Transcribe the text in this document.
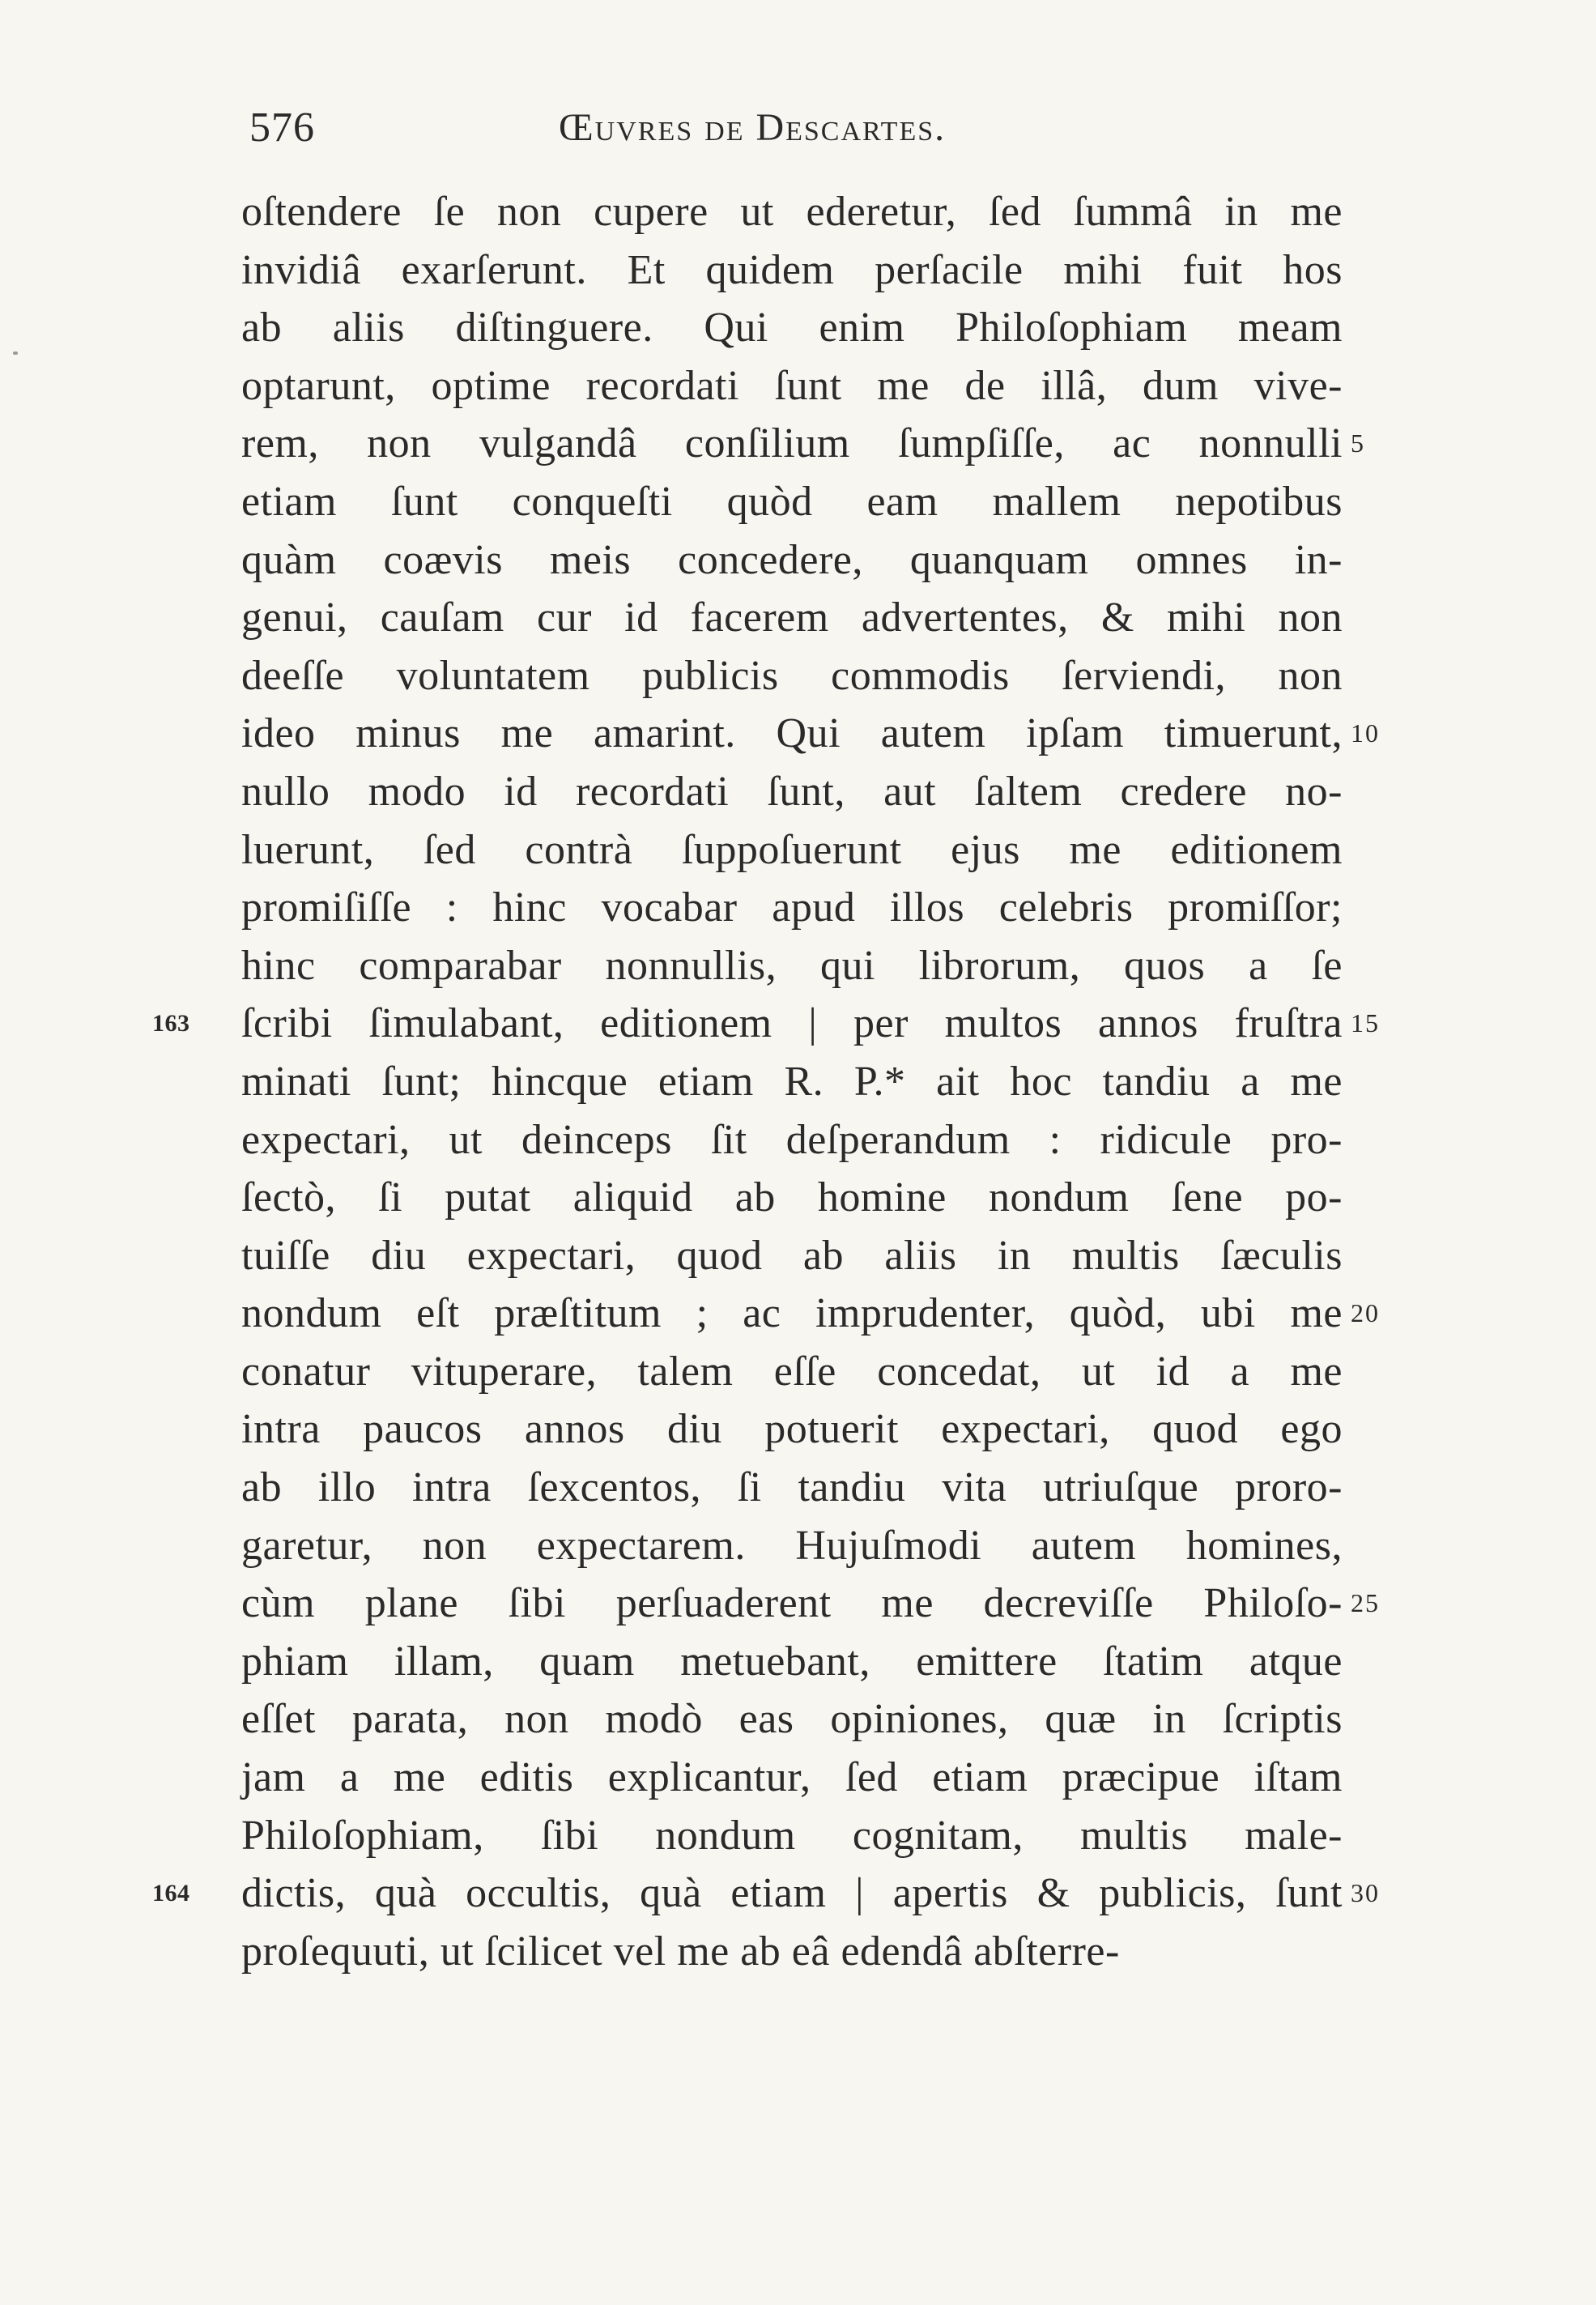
576	Œuvres de Descartes.
oſtendere ſe non cupere ut ederetur, ſed ſummâ in me
invidiâ exarſerunt. Et quidem perſacile mihi fuit hos
ab aliis diſtinguere. Qui enim Philoſophiam meam
optarunt, optime recordati ſunt me de illâ, dum vive-
rem, non vulgandâ conſilium ſumpſiſſe, ac nonnulli 5
etiam ſunt conqueſti quòd eam mallem nepotibus
quàm coævis meis concedere, quanquam omnes in-
genui, cauſam cur id facerem advertentes, & mihi non
deeſſe voluntatem publicis commodis ſerviendi, non
ideo minus me amarint. Qui autem ipſam timuerunt, 10
nullo modo id recordati ſunt, aut ſaltem credere no-
luerunt, ſed contrà ſuppoſuerunt ejus me editionem
promiſiſſe : hinc vocabar apud illos celebris promiſſor;
hinc comparabar nonnullis, qui librorum, quos a ſe
ſcribi ſimulabant, editionem | per multos annos fruſtra
163	15
minati ſunt; hincque etiam R. P.* ait hoc tandiu a me
expectari, ut deinceps ſit deſperandum : ridicule pro-
ſectò, ſi putat aliquid ab homine nondum ſene po-
tuiſſe diu expectari, quod ab aliis in multis ſæculis
nondum eſt præſtitum ; ac imprudenter, quòd, ubi me 20
conatur vituperare, talem eſſe concedat, ut id a me
intra paucos annos diu potuerit expectari, quod ego
ab illo intra ſexcentos, ſi tandiu vita utriuſque proro-
garetur, non expectarem. Hujuſmodi autem homines,
cùm plane ſibi perſuaderent me decreviſſe Philoſo- 25
phiam illam, quam metuebant, emittere ſtatim atque
eſſet parata, non modò eas opiniones, quæ in ſcriptis
jam a me editis explicantur, ſed etiam præcipue iſtam
Philoſophiam, ſibi nondum cognitam, multis male-
dictis, quà occultis, quà etiam | apertis & publicis, ſunt
164	30
proſequuti, ut ſcilicet vel me ab eâ edendâ abſterre-
